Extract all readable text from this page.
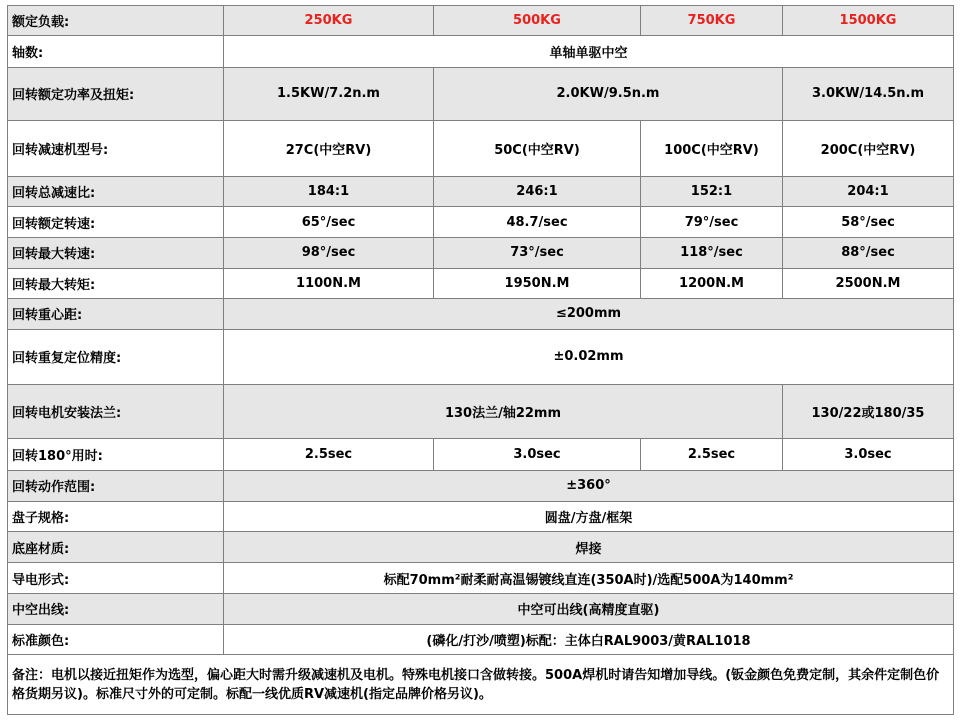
额定负载:	250KG	500KG	750KG	1500KG
轴数:	单轴单驱中空			
回转额定功率及扭矩:	1.5KW/7.2n.m	2.0KW/9.5n.m		3.0KW/14.5n.m
回转减速机型号:	27C(中空RV)	50C(中空RV)	100C(中空RV)	200C(中空RV)
回转总减速比:	184:1	246:1	152:1	204:1
回转额定转速:	65°/sec	48.7/sec	79°/sec	58°/sec
回转最大转速:	98°/sec	73°/sec	118°/sec	88°/sec
回转最大转矩:	1100N.M	1950N.M	1200N.M	2500N.M
回转重心距:	≤200mm			
回转重复定位精度:	±0.02mm			
回转电机安装法兰:	130法兰/轴22mm			130/22或180/35
回转180°用时:	2.5sec	3.0sec	2.5sec	3.0sec
回转动作范围:	±360°			
盘子规格:	圆盘/方盘/框架			
底座材质:	焊接			
导电形式:	标配70mm²耐柔耐高温锡镀线直连(350A时)/选配500A为140mm²			
中空出线:	中空可出线(高精度直驱)			
标准颜色:	(磷化/打沙/喷塑)标配：主体白RAL9003/黄RAL1018			
备注：电机以接近扭矩作为选型，偏心距大时需升级减速机及电机。特殊电机接口含做转接。500A焊机时请告知增加导线。(钣金颜色免费定制，其余件定制色价格货期另议)。标准尺寸外的可定制。标配一线优质RV减速机(指定品牌价格另议)。				
